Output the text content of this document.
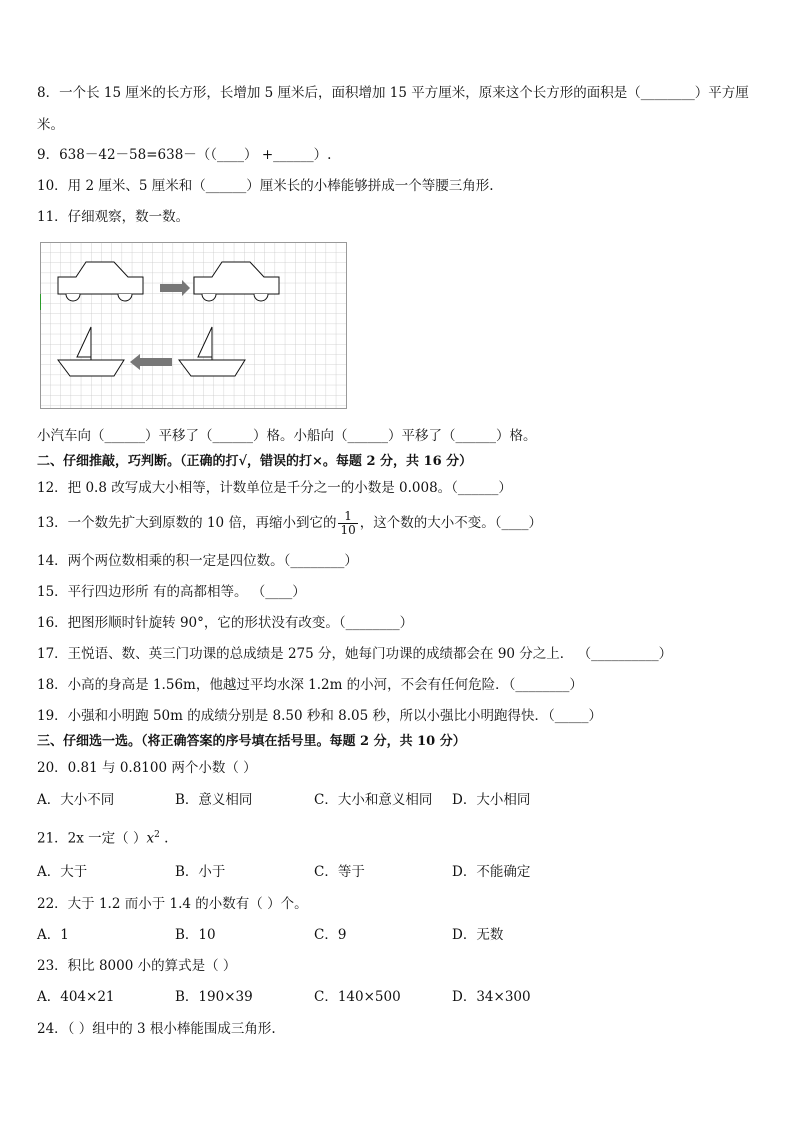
8．一个长 15 厘米的长方形，长增加 5 厘米后，面积增加 15 平方厘米，原来这个长方形的面积是（________）平方厘
米。
9．638－42－58=638－（（____） +______）.
10．用 2 厘米、5 厘米和（______）厘米长的小棒能够拼成一个等腰三角形.
11．仔细观察，数一数。
小汽车向（______）平移了（______）格。小船向（______）平移了（______）格。
二、仔细推敲，巧判断。（正确的打√，错误的打×。每题 2 分，共 16 分）
12．把 0.8 改写成大小相等，计数单位是千分之一的小数是 0.008。（______）
13．一个数先扩大到原数的 10 倍，再缩小到它的 $\frac{1}{10}$ ，这个数的大小不变。（____）
14．两个两位数相乘的积一定是四位数。（________）
15．平行四边形所 有的高都相等。 （____）
16．把图形顺时针旋转 90°，它的形状没有改变。（________）
17．王悦语、数、英三门功课的总成绩是 275 分，她每门功课的成绩都会在 90 分之上． （__________）
18．小高的身高是 1.56m，他越过平均水深 1.2m 的小河，不会有任何危险．（________）
19．小强和小明跑 50m 的成绩分别是 8.50 秒和 8.05 秒，所以小强比小明跑得快．（_____）
三、仔细选一选。（将正确答案的序号填在括号里。每题 2 分，共 10 分）
20．0.81 与 0.8100 两个小数（ ）
A．大小不同	B．意义相同	C．大小和意义相同 D．大小相同
21．2x 一定（ ）$x^2$ .
A．大于	B．小于	C．等于	D．不能确定
22．大于 1.2 而小于 1.4 的小数有（ ）个。
A．1	B．10	C．9	D．无数
23．积比 8000 小的算式是（ ）
A．404×21	B．190×39	C．140×500	D．34×300
24．（ ）组中的 3 根小棒能围成三角形.
